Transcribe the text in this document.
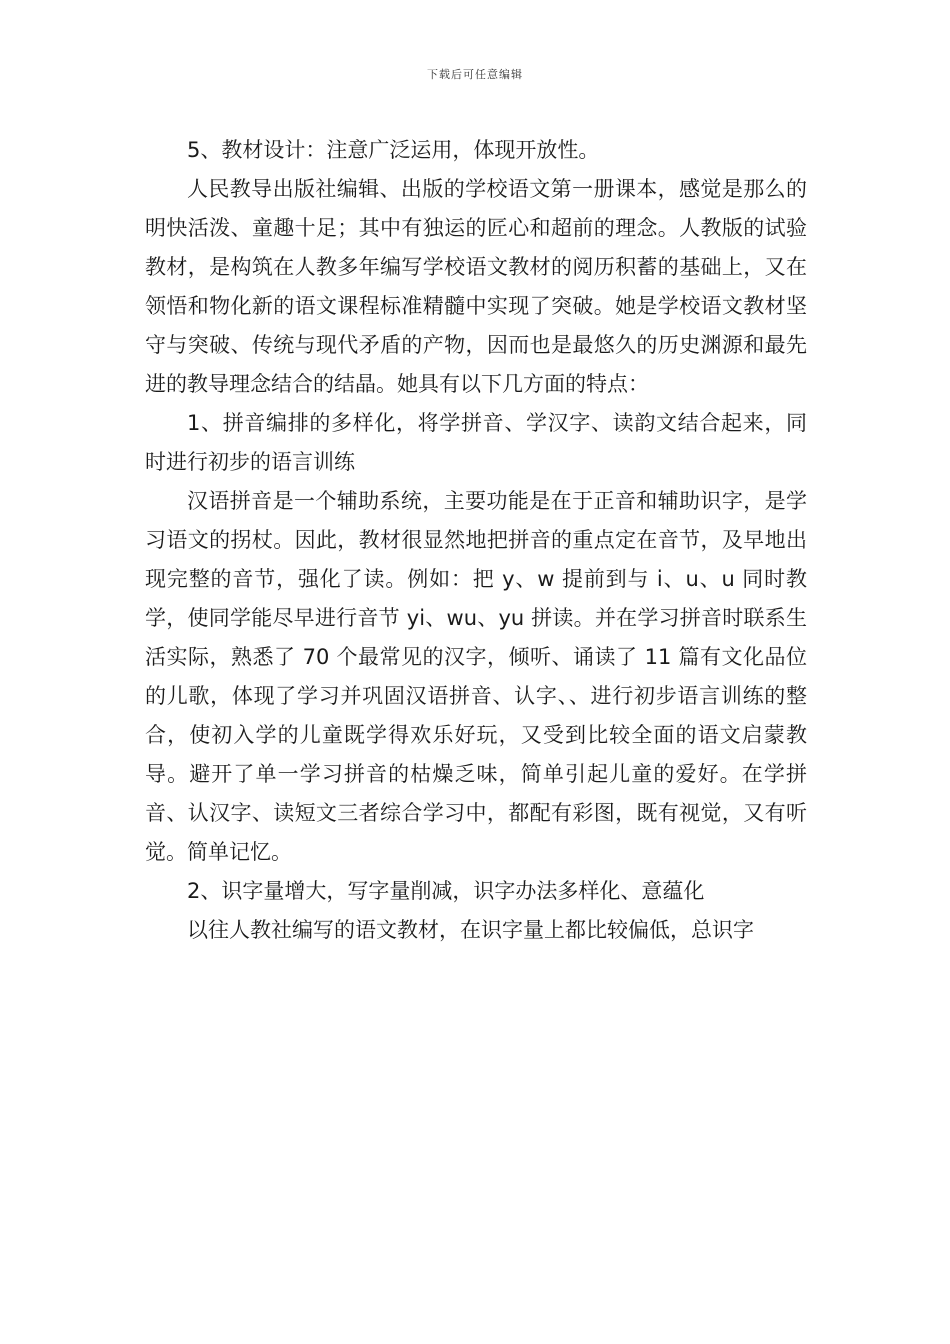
下载后可任意编辑

5、教材设计：注意广泛运用，体现开放性。

人民教导出版社编辑、出版的学校语文第一册课本，感觉是那么的明快活泼、童趣十足；其中有独运的匠心和超前的理念。人教版的试验教材，是构筑在人教多年编写学校语文教材的阅历积蓄的基础上，又在领悟和物化新的语文课程标准精髓中实现了突破。她是学校语文教材坚守与突破、传统与现代矛盾的产物，因而也是最悠久的历史渊源和最先进的教导理念结合的结晶。她具有以下几方面的特点：

1、拼音编排的多样化，将学拼音、学汉字、读韵文结合起来，同时进行初步的语言训练

汉语拼音是一个辅助系统，主要功能是在于正音和辅助识字，是学习语文的拐杖。因此，教材很显然地把拼音的重点定在音节，及早地出现完整的音节，强化了读。例如：把 y、w 提前到与 i、u、u 同时教学，使同学能尽早进行音节 yi、wu、yu 拼读。并在学习拼音时联系生活实际，熟悉了 70 个最常见的汉字，倾听、诵读了 11 篇有文化品位的儿歌，体现了学习并巩固汉语拼音、认字、、进行初步语言训练的整合，使初入学的儿童既学得欢乐好玩，又受到比较全面的语文启蒙教导。避开了单一学习拼音的枯燥乏味，简单引起儿童的爱好。在学拼音、认汉字、读短文三者综合学习中，都配有彩图，既有视觉，又有听觉。简单记忆。

2、识字量增大，写字量削减，识字办法多样化、意蕴化

以往人教社编写的语文教材，在识字量上都比较偏低，总识字
